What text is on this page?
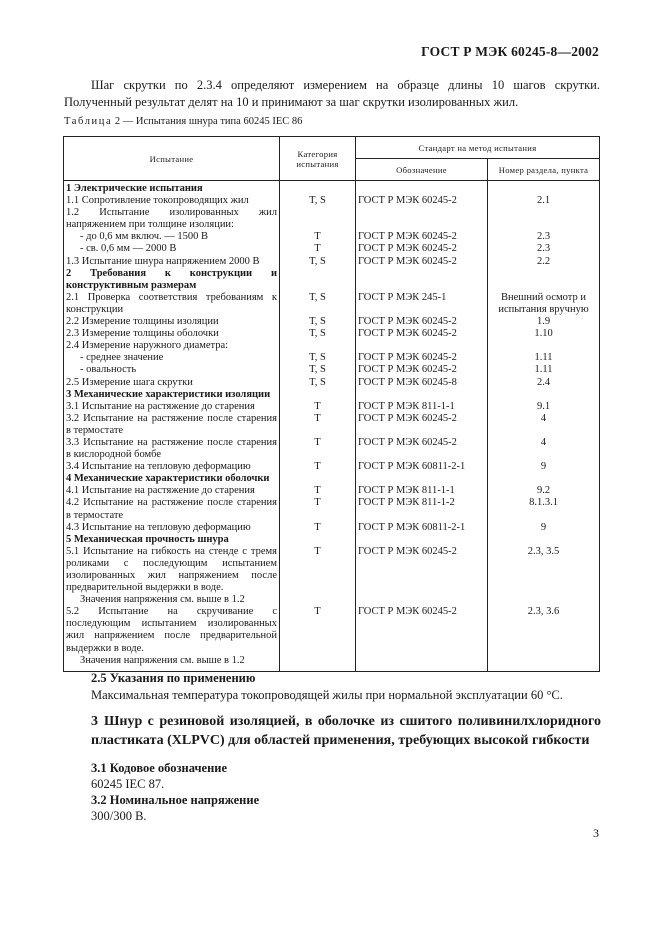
ГОСТ Р МЭК 60245-8—2002
Шаг скрутки по 2.3.4 определяют измерением на образце длины 10 шагов скрутки. Полученный результат делят на 10 и принимают за шаг скрутки изолированных жил.
Таблица 2 — Испытания шнура типа 60245 IEC 86
Испытание	Категория испытания	Стандарт на метод испытания	
		Обозначение	Номер раздела, пункта
1 Электрические испытания			
1.1 Сопротивление токопроводящих жил	T, S	ГОСТ Р МЭК 60245-2	2.1
1.2 Испытание изолированных жил напряжением при толщине изоляции:			
- до 0,6 мм включ. — 1500 В	T	ГОСТ Р МЭК 60245-2	2.3
- св. 0,6 мм — 2000 В	T	ГОСТ Р МЭК 60245-2	2.3
1.3 Испытание шнура напряжением 2000 В	T, S	ГОСТ Р МЭК 60245-2	2.2
2 Требования к конструкции и конструктивным размерам			
2.1 Проверка соответствия требованиям к конструкции	T, S	ГОСТ Р МЭК 245-1	Внешний осмотр и испытания вручную
2.2 Измерение толщины изоляции	T, S	ГОСТ Р МЭК 60245-2	1.9
2.3 Измерение толщины оболочки	T, S	ГОСТ Р МЭК 60245-2	1.10
2.4 Измерение наружного диаметра:			
- среднее значение	T, S	ГОСТ Р МЭК 60245-2	1.11
- овальность	T, S	ГОСТ Р МЭК 60245-2	1.11
2.5 Измерение шага скрутки	T, S	ГОСТ Р МЭК 60245-8	2.4
3 Механические характеристики изоляции			
3.1 Испытание на растяжение до старения	T	ГОСТ Р МЭК 811-1-1	9.1
3.2 Испытание на растяжение после старения в термостате	T	ГОСТ Р МЭК 60245-2	4
3.3 Испытание на растяжение после старения в кислородной бомбе	T	ГОСТ Р МЭК 60245-2	4
3.4 Испытание на тепловую деформацию	T	ГОСТ Р МЭК 60811-2-1	9
4 Механические характеристики оболочки			
4.1 Испытание на растяжение до старения	T	ГОСТ Р МЭК 811-1-1	9.2
4.2 Испытание на растяжение после старения в термостате	T	ГОСТ Р МЭК 811-1-2	8.1.3.1
4.3 Испытание на тепловую деформацию	T	ГОСТ Р МЭК 60811-2-1	9
5 Механическая прочность шнура			
5.1 Испытание на гибкость на стенде с тремя роликами с последующим испытанием изолированных жил напряжением после предварительной выдержки в воде.	T	ГОСТ Р МЭК 60245-2	2.3, 3.5
Значения напряжения см. выше в 1.2			
5.2 Испытание на скручивание с последующим испытанием изолированных жил напряжением после предварительной выдержки в воде.	T	ГОСТ Р МЭК 60245-2	2.3, 3.6
Значения напряжения см. выше в 1.2			
2.5 Указания по применению
Максимальная температура токопроводящей жилы при нормальной эксплуатации 60 °С.
3 Шнур с резиновой изоляцией, в оболочке из сшитого поливинилхлоридного пластиката (XLPVC) для областей применения, требующих высокой гибкости
3.1 Кодовое обозначение
60245 IEC 87.
3.2 Номинальное напряжение
300/300 В.
3
